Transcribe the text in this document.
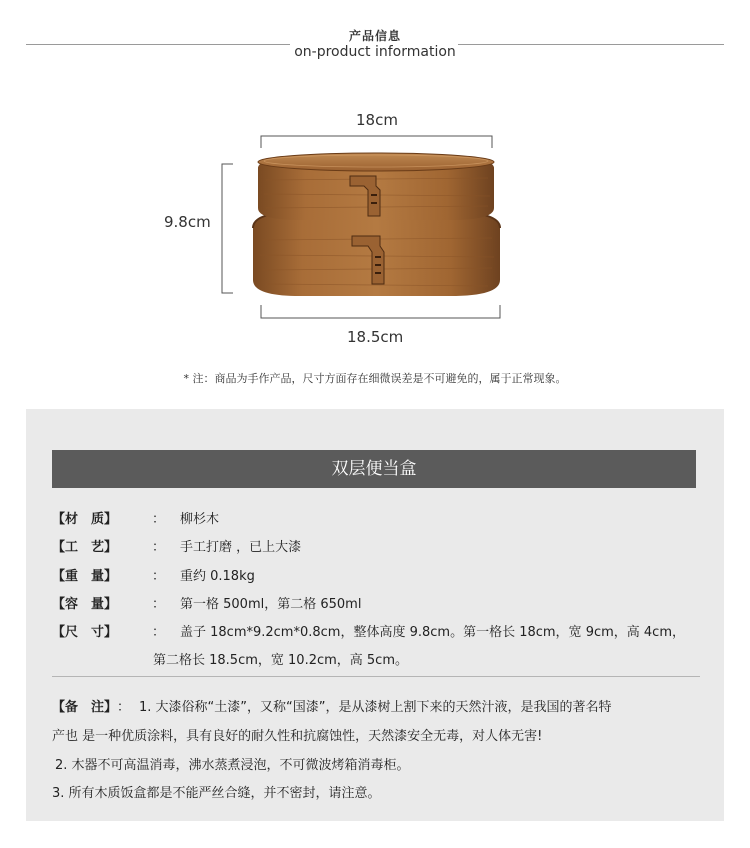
产品信息
on-product information
18cm
9.8cm
18.5cm
* 注：商品为手作产品，尺寸方面存在细微误差是不可避免的，属于正常现象。
双层便当盒
【材　质】	： 柳杉木
【工　艺】	： 手工打磨 ，已上大漆
【重　量】	： 重约 0.18kg
【容　量】	： 第一格 500ml，第二格 650ml
【尺　寸】	： 盖子 18cm*9.2cm*0.8cm，整体高度 9.8cm。第一格长 18cm，宽 9cm，高 4cm，
第二格长 18.5cm，宽 10.2cm，高 5cm。
【备　注】： 1. 大漆俗称“土漆”，又称“国漆”，是从漆树上割下来的天然汁液，是我国的著名特
产也 是一种优质涂料，具有良好的耐久性和抗腐蚀性，天然漆安全无毒，对人体无害!
2. 木器不可高温消毒，沸水蒸煮浸泡，不可微波烤箱消毒柜。
3. 所有木质饭盒都是不能严丝合缝，并不密封，请注意。
